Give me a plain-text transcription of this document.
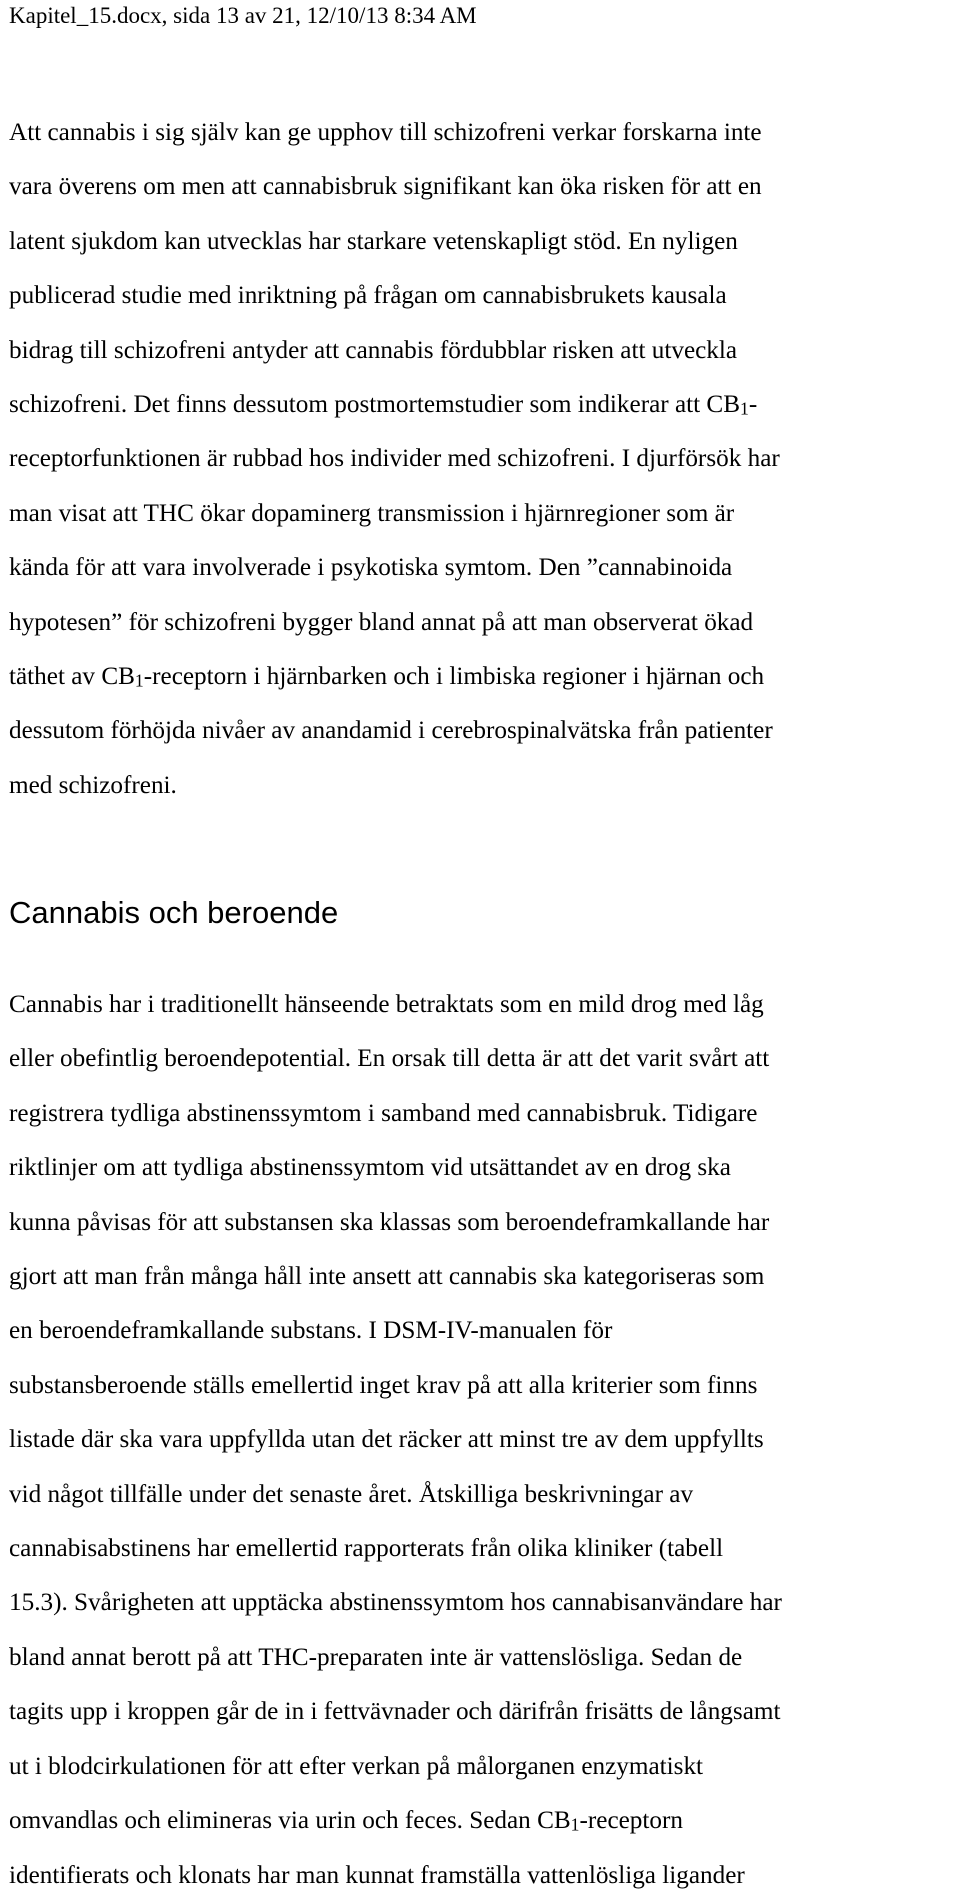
Kapitel_15.docx, sida 13 av 21, 12/10/13 8:34 AM

Att cannabis i sig själv kan ge upphov till schizofreni verkar forskarna inte
vara överens om men att cannabisbruk signifikant kan öka risken för att en
latent sjukdom kan utvecklas har starkare vetenskapligt stöd. En nyligen
publicerad studie med inriktning på frågan om cannabisbrukets kausala
bidrag till schizofreni antyder att cannabis fördubblar risken att utveckla
schizofreni. Det finns dessutom postmortemstudier som indikerar att CB1-
receptorfunktionen är rubbad hos individer med schizofreni. I djurförsök har
man visat att THC ökar dopaminerg transmission i hjärnregioner som är
kända för att vara involverade i psykotiska symtom. Den ”cannabinoida
hypotesen” för schizofreni bygger bland annat på att man observerat ökad
täthet av CB1-receptorn i hjärnbarken och i limbiska regioner i hjärnan och
dessutom förhöjda nivåer av anandamid i cerebrospinalvätska från patienter
med schizofreni.

Cannabis och beroende

Cannabis har i traditionellt hänseende betraktats som en mild drog med låg
eller obefintlig beroendepotential. En orsak till detta är att det varit svårt att
registrera tydliga abstinenssymtom i samband med cannabisbruk. Tidigare
riktlinjer om att tydliga abstinenssymtom vid utsättandet av en drog ska
kunna påvisas för att substansen ska klassas som beroendeframkallande har
gjort att man från många håll inte ansett att cannabis ska kategoriseras som
en beroendeframkallande substans. I DSM-IV-manualen för
substansberoende ställs emellertid inget krav på att alla kriterier som finns
listade där ska vara uppfyllda utan det räcker att minst tre av dem uppfyllts
vid något tillfälle under det senaste året. Åtskilliga beskrivningar av
cannabisabstinens har emellertid rapporterats från olika kliniker (tabell
15.3). Svårigheten att upptäcka abstinenssymtom hos cannabisanvändare har
bland annat berott på att THC-preparaten inte är vattenslösliga. Sedan de
tagits upp i kroppen går de in i fettvävnader och därifrån frisätts de långsamt
ut i blodcirkulationen för att efter verkan på målorganen enzymatiskt
omvandlas och elimineras via urin och feces. Sedan CB1-receptorn
identifierats och klonats har man kunnat framställa vattenlösliga ligander
